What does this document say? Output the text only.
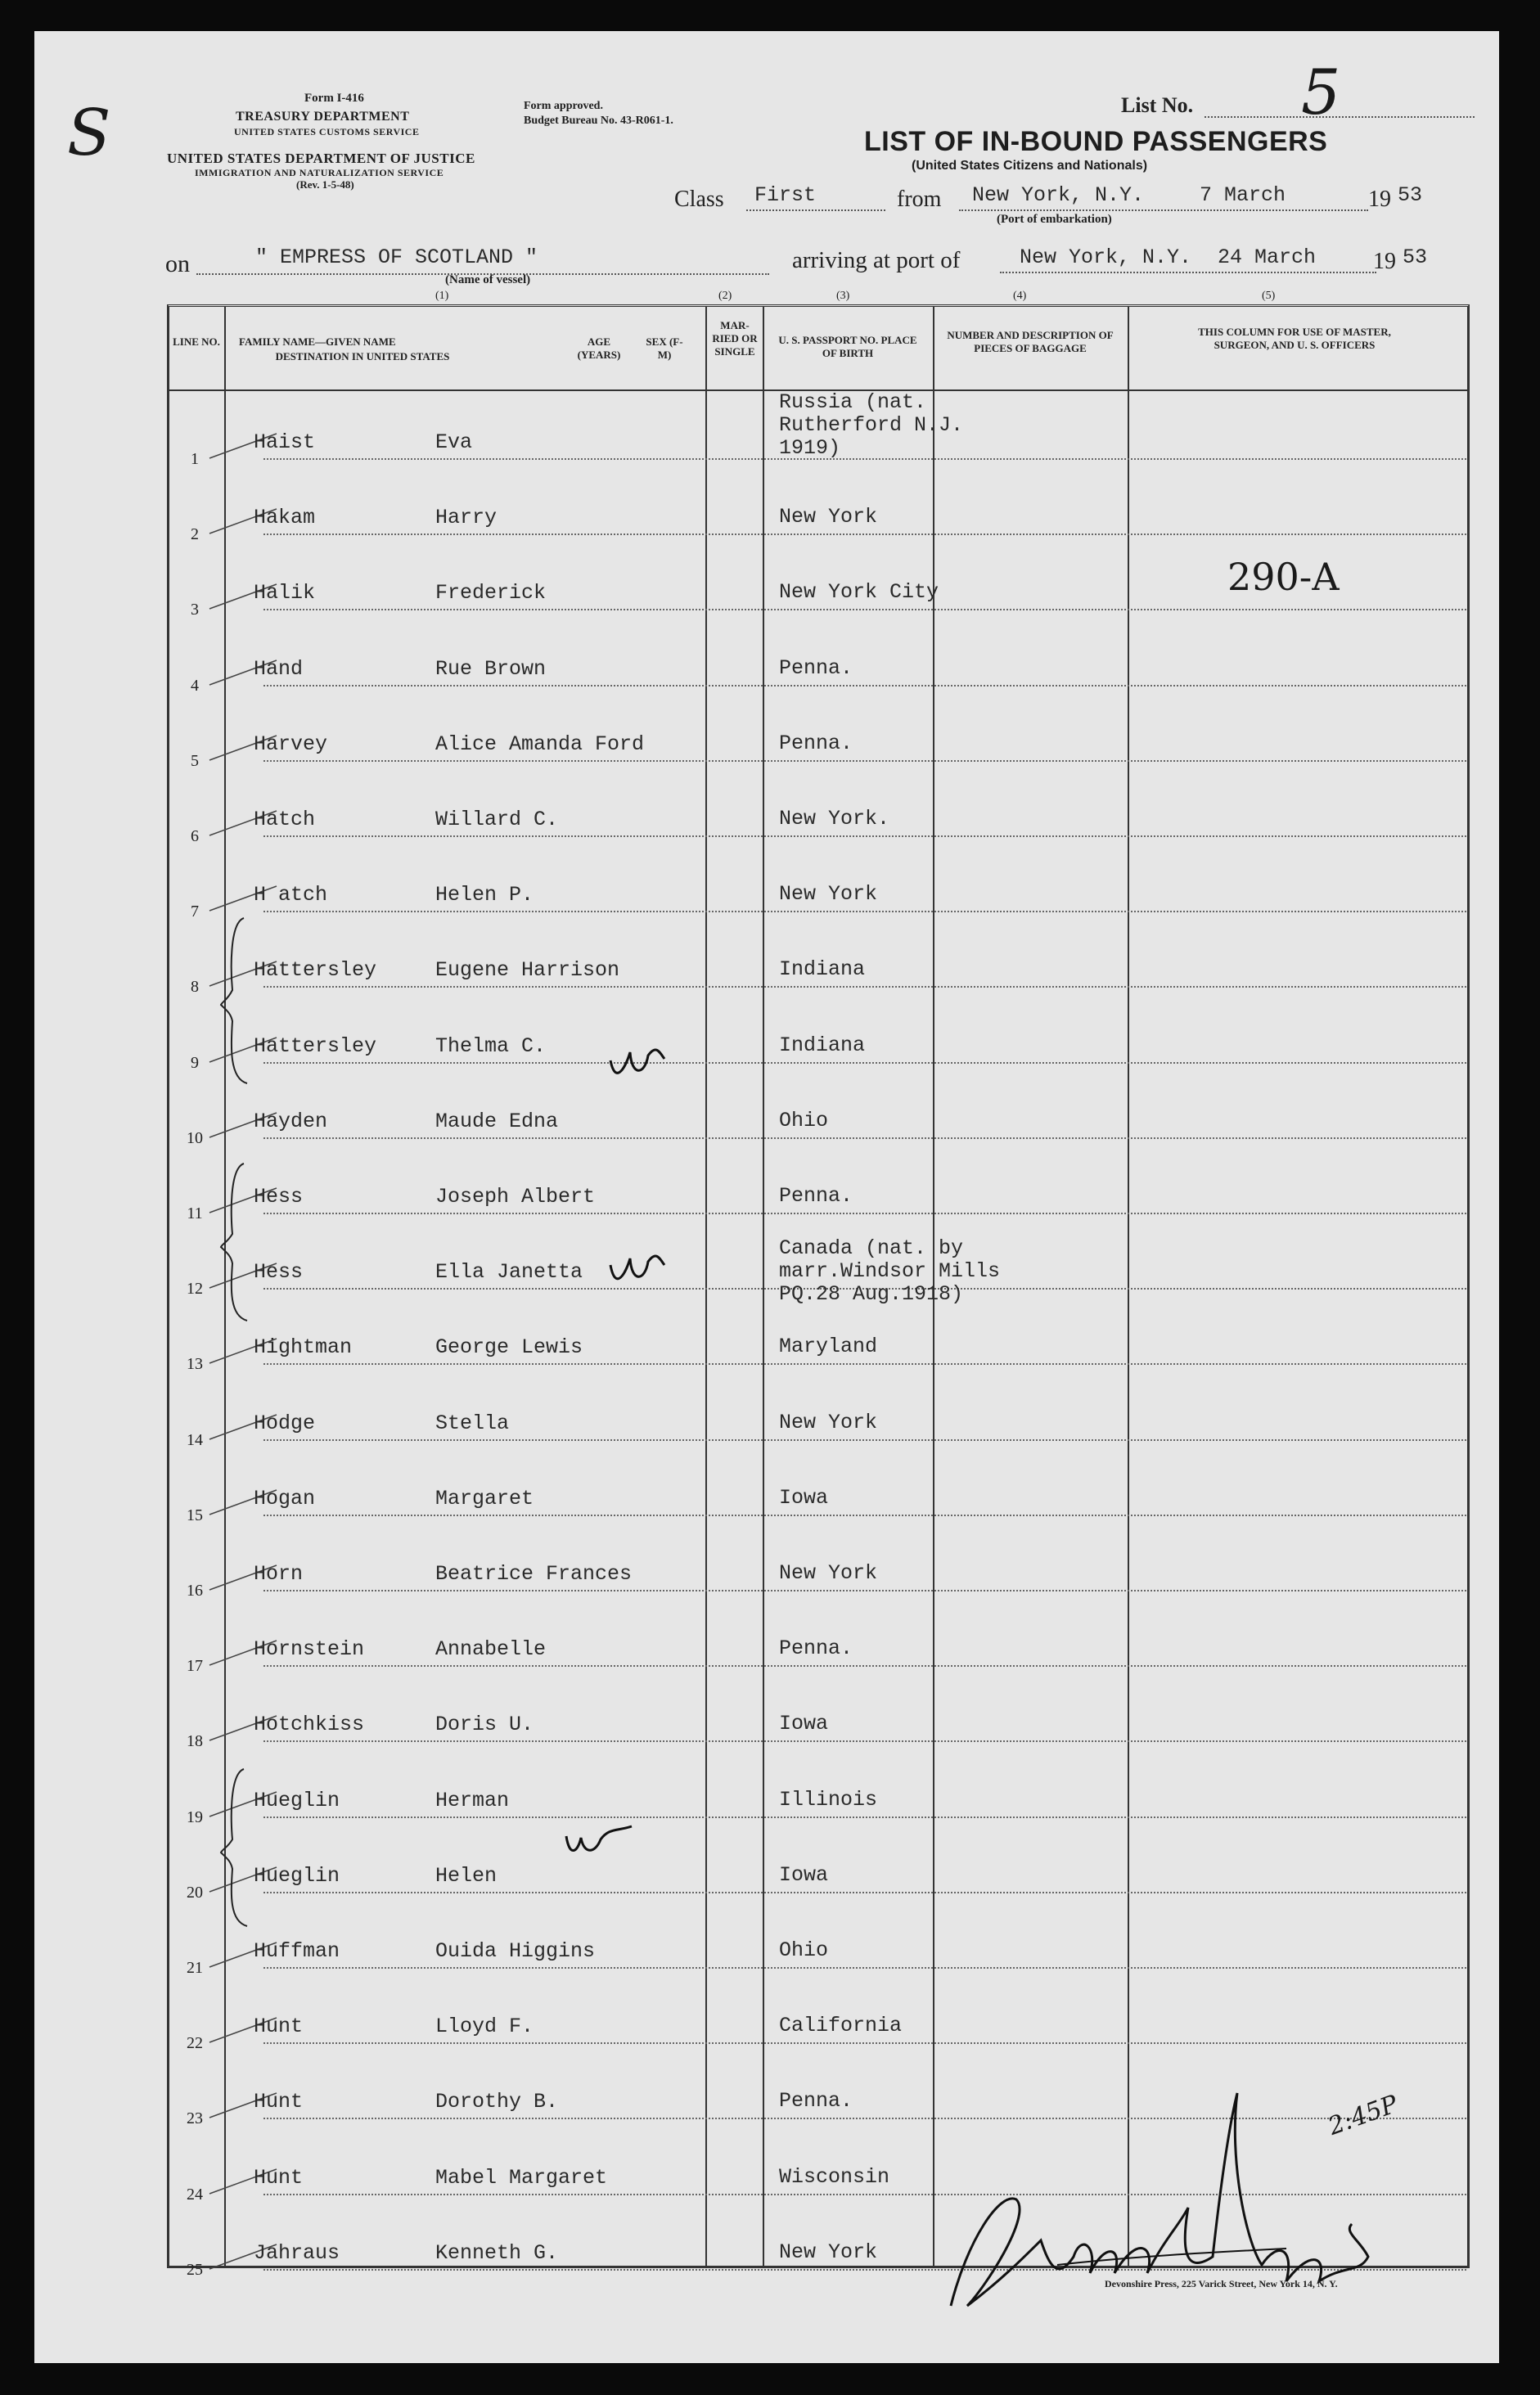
S	Form I-416
TREASURY DEPARTMENT
UNITED STATES CUSTOMS SERVICE
UNITED STATES DEPARTMENT OF JUSTICE
IMMIGRATION AND NATURALIZATION SERVICE
(Rev. 1-5-48)
Form approved.
Budget Bureau No. 43-R061-1.
List No. 5
LIST OF IN-BOUND PASSENGERS
(United States Citizens and Nationals)
Class First	from New York, N.Y.	7 March	19 53
(Port of embarkation)
on	" EMPRESS OF SCOTLAND "
(Name of vessel)
arriving at port of	New York, N.Y. 24 March 19 53
(1)	(2)	(3)	(4)	(5)
LINE NO. FAMILY NAME—GIVEN NAME
DESTINATION IN UNITED STATES
AGE (YEARS)
SEX (F-M)
MAR- RIED OR SINGLE
U. S. PASSPORT NO. PLACE OF BIRTH
NUMBER AND DESCRIPTION OF PIECES OF BAGGAGE
THIS COLUMN FOR USE OF MASTER, SURGEON, AND U. S. OFFICERS
1
Haist	Eva
Russia (nat.
Rutherford N.J.
1919)
2
Hakam	Harry	New York
3
Halik	Frederick	New York City
4
Hand	Rue Brown	Penna.
5
Harvey	Alice Amanda Ford	Penna.
6
Hatch	Willard C.	New York.
7
H atch	Helen P.	New York
8
Hattersley	Eugene Harrison	Indiana
9
Hattersley	Thelma C.	Indiana
10
Hayden	Maude Edna	Ohio
11
Hess	Joseph Albert	Penna.
12
Hess	Ella Janetta
Canada (nat. by
marr.Windsor Mills
PQ.28 Aug.1918)
13
Hightman	George Lewis	Maryland
14
Hodge	Stella	New York
15
Hogan	Margaret	Iowa
16
Horn	Beatrice Frances	New York
17
Hornstein	Annabelle	Penna.
18
Hotchkiss	Doris U.	Iowa
19
Hueglin	Herman	Illinois
20
Hueglin	Helen	Iowa
21
Huffman	Ouida Higgins	Ohio
22
Hunt	Lloyd F.	California
23
Hunt	Dorothy B.	Penna.
24
Hunt	Mabel Margaret	Wisconsin
25
Jahraus	Kenneth G.	New York
290-A
2:45P
Devonshire Press, 225 Varick Street, New York 14, N. Y.
